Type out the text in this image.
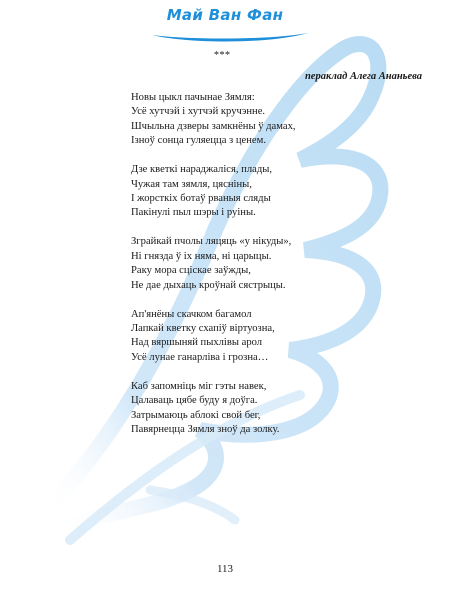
Май Ван Фан
***
пераклад Алега Ананьева
Новы цыкл пачынае Зямля:
Усё хутчэй і хутчэй кручэнне.
Шчыльна дзверы замкнёны ў дамах,
Ізноў сонца гуляецца з ценем.
Дзе кветкі нараджаліся, плады,
Чужая там зямля, цясніны,
І жорсткіх ботаў рваныя сляды
Пакінулі пыл шэры і руіны.
Зграйкай пчолы ляцяць «у нікуды»,
Ні гнязда ў іх няма, ні царыцы.
Раку мора сціскае заўжды,
Не дае дыхаць кроўнай сястрыцы.
Ап'янёны скачком багамол
Лапкай кветку схапіў віртуозна,
Над вяршыняй пыхлівы арол
Усё лунае ганарліва і грозна…
Каб запомніць міг гэты навек,
Цалаваць цябе буду я доўга.
Затрымаюць аблокі свой бег,
Павярнецца Зямля зноў да золку.
113
